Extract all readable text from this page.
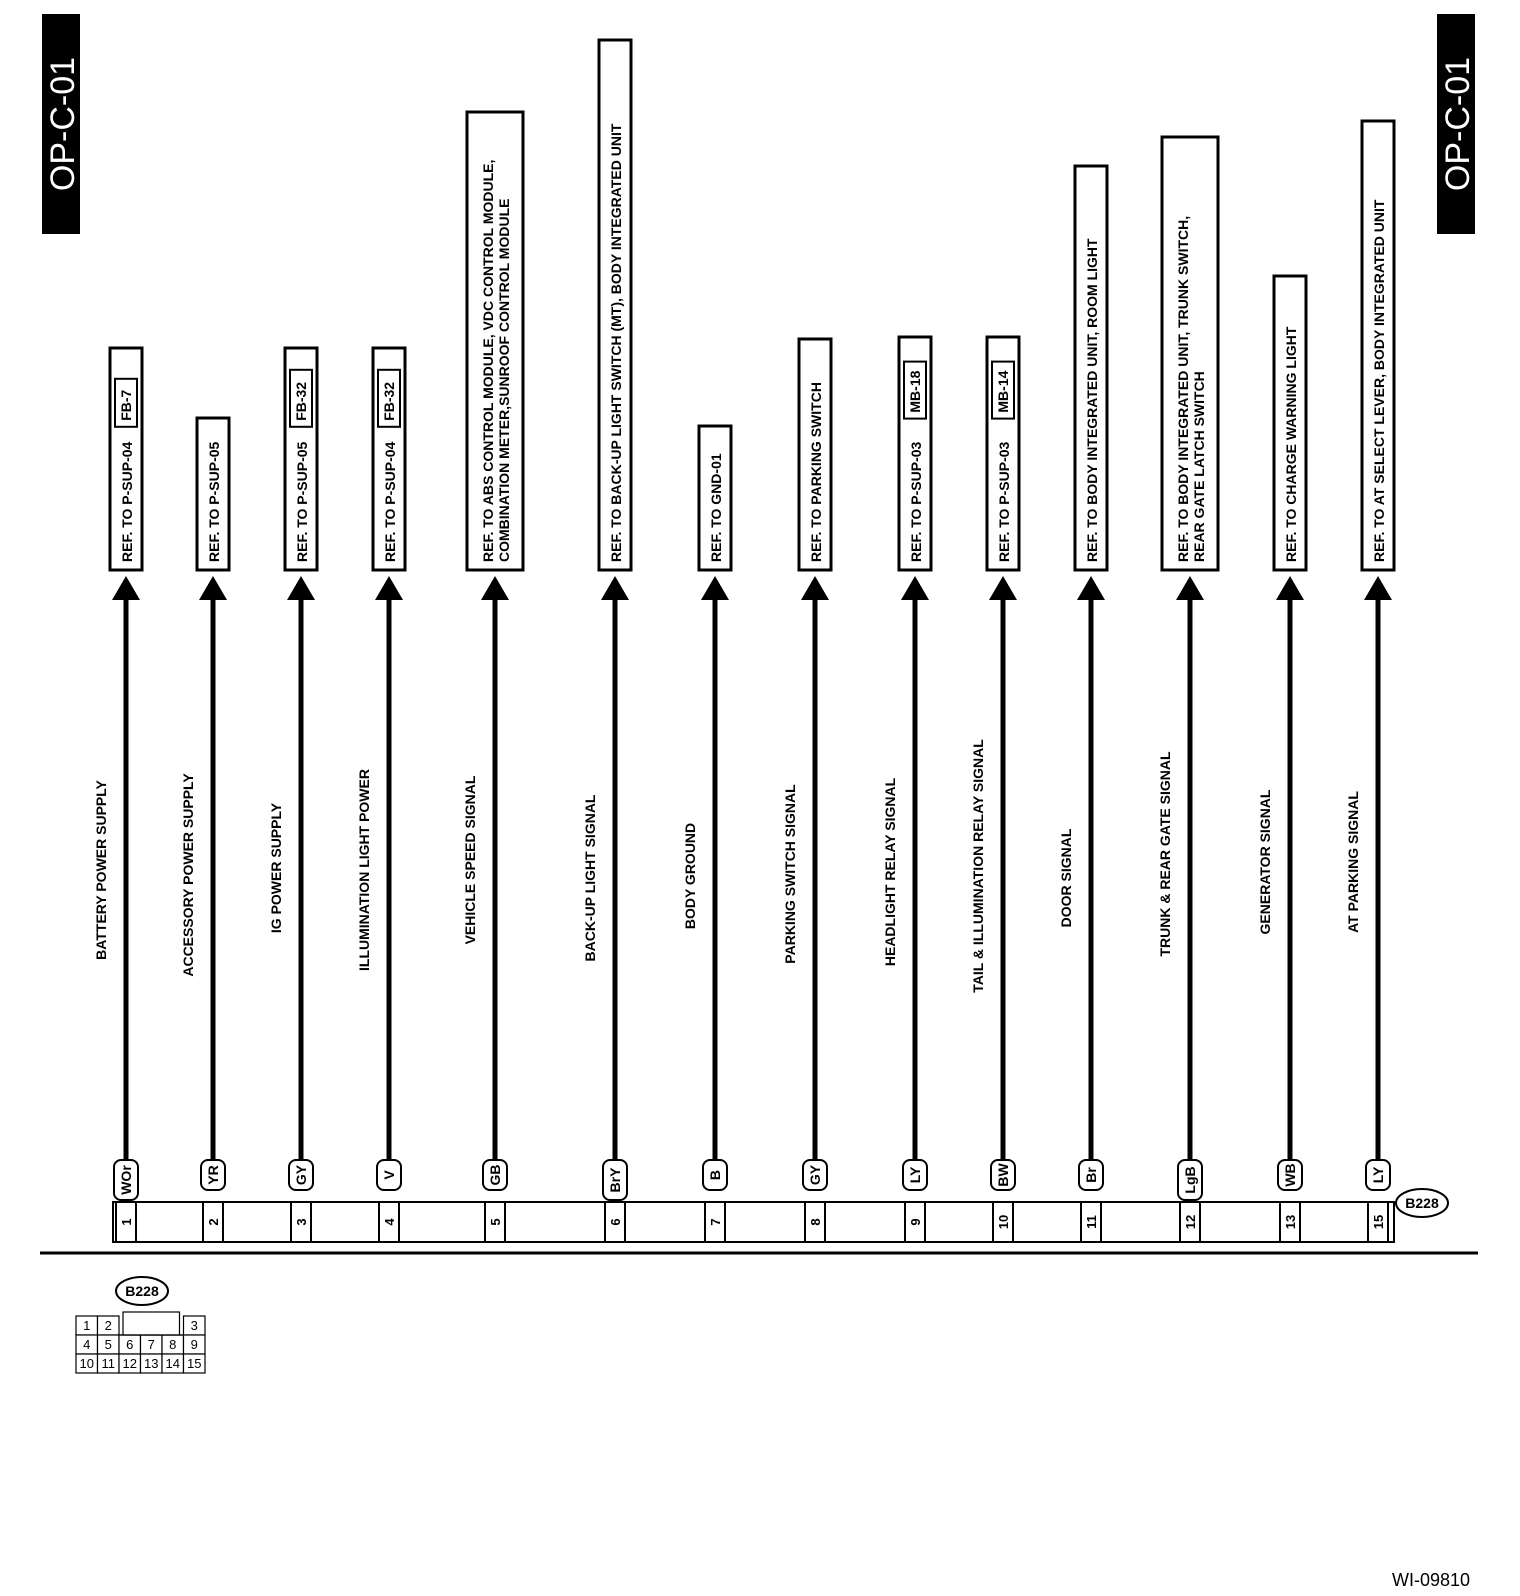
OP-C-01	OP-C-01
REF. TO P-SUP-04
FB-7
BATTERY POWER SUPPLY
WOr
REF. TO P-SUP-05
ACCESSORY POWER SUPPLY
YR
REF. TO P-SUP-05
FB-32
IG POWER SUPPLY
GY
REF. TO P-SUP-04
FB-32
ILLUMINATION LIGHT POWER
V
REF. TO ABS CONTROL MODULE, VDC CONTROL MODULE, COMBINATION METER,SUNROOF CONTROL MODULE
VEHICLE SPEED SIGNAL
GB
REF. TO BACK-UP LIGHT SWITCH (MT), BODY INTEGRATED UNIT
BACK-UP LIGHT SIGNAL
BrY
REF. TO GND-01
BODY GROUND
B
REF. TO PARKING SWITCH
PARKING SWITCH SIGNAL
GY
REF. TO P-SUP-03
MB-18
HEADLIGHT RELAY SIGNAL
LY
REF. TO P-SUP-03
MB-14
TAIL & ILLUMINATION RELAY SIGNAL
BW
REF. TO BODY INTEGRATED UNIT, ROOM LIGHT
DOOR SIGNAL
Br
REF. TO BODY INTEGRATED UNIT, TRUNK SWITCH, REAR GATE LATCH SWITCH
TRUNK & REAR GATE SIGNAL
LgB
REF. TO CHARGE WARNING LIGHT
GENERATOR SIGNAL
WB
REF. TO AT SELECT LEVER, BODY INTEGRATED UNIT
AT PARKING SIGNAL
LY
1	2	3	4	5	6	7	8	9	10	11	12	13	15
B228
B228
1 2	3
4 5 6 7 8 9
10 11 12 13 14 15
WI-09810
